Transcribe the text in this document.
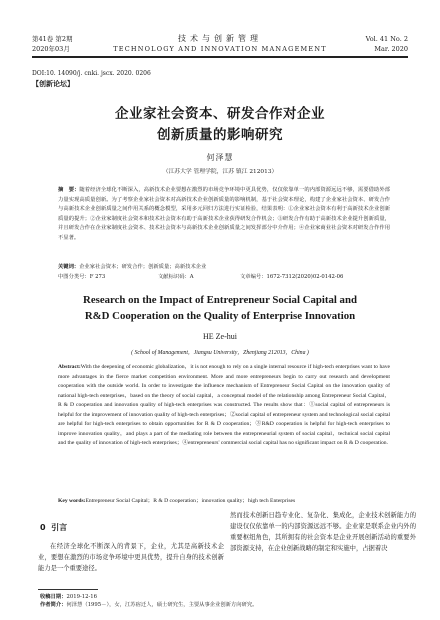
第41卷 第2期
2020年03月
技术与创新管理
TECHNOLOGY AND INNOVATION MANAGEMENT
Vol. 41 No. 2
Mar. 2020
DOI:10. 14090/j. cnki. jscx. 2020. 0206
【创新论坛】
企业家社会资本、研发合作对企业
创新质量的影响研究
何泽慧
（江苏大学 管理学院，江苏 镇江 212013）
摘　要：随着经济全球化不断深入，高新技术企业要想在激烈的市场竞争环境中更具优势，仅仅依靠单一的内部资源远远不够，需要借助外部力量实现高质量创新。为了考察企业家社会资本对高新技术企业创新质量的影响机制，基于社会资本理论，构建了企业家社会资本、研发合作与高新技术企业创新质量之间作用关系的概念模型，采用多元回归方法进行实证检验，结果表明：①企业家社会资本有利于高新技术企业创新质量的提升；②企业家制度社会资本和技术社会资本有助于高新技术企业获得研发合作机会；③研发合作有助于高新技术企业提升创新质量，并且研发合作在企业家制度社会资本、技术社会资本与高新技术企业创新质量之间发挥部分中介作用；④企业家商业社会资本对研发合作作用不显著。
关键词：企业家社会资本；研发合作；创新质量；高新技术企业
中图分类号：F 273	文献标识码：A	文章编号：1672-7312(2020)02-0142-06
Research on the Impact of Entrepreneur Social Capital and
R&D Cooperation on the Quality of Enterprise Innovation
HE Ze-hui
( School of Management，Jiangsu University，Zhenjiang 212013，China )
Abstract:With the deepening of economic globalization，it is not enough to rely on a single internal resource if high-tech enterprises want to have more advantages in the fierce market competition environment. More and more entrepreneurs begin to carry out research and development cooperation with the outside world. In order to investigate the influence mechanism of Entrepreneur Social Capital on the innovation quality of national high-tech enterprises，based on the theory of social capital，a conceptual model of the relationship among Entrepreneur Social Capital，R & D cooperation and innovation quality of high-tech enterprises was constructed. The results show that：①social capital of entrepreneurs is helpful for the improvement of innovation quality of high-tech enterprises；②social capital of entrepreneur system and technological social capital are helpful for high-tech enterprises to obtain opportunities for R & D cooperation；③R&D cooperation is helpful for high-tech enterprises to improve innovation quality，and plays a part of the mediating role between the entrepreneurial system of social capital，technical social capital and the quality of innovation of high-tech enterprises；④entrepreneurs' commercial social capital has no significant impact on R & D cooperation.
Key words:Entrepreneur Social Capital；R & D cooperation；innovation quality；high tech Enterprises
0 引言
在经济全球化不断深入的背景下，企业，尤其是高新技术企业，要想在激烈的市场竞争环境中更具优势，提升自身的技术创新能力是一个重要途径。
然而技术创新日趋专业化、复杂化、集成化，企业技术创新能力的建设仅仅依靠单一的内部资源远远不够。企业家是联系企业内外的重要枢纽角色，其所拥有的社会资本是企业开展创新活动的重要外部资源支持，在企业创新战略的制定和实施中，占据着决
收稿日期：2019-12-16
作者简介：何泽慧（1995－），女，江苏宿迁人，硕士研究生，主要从事企业创新方向研究。
